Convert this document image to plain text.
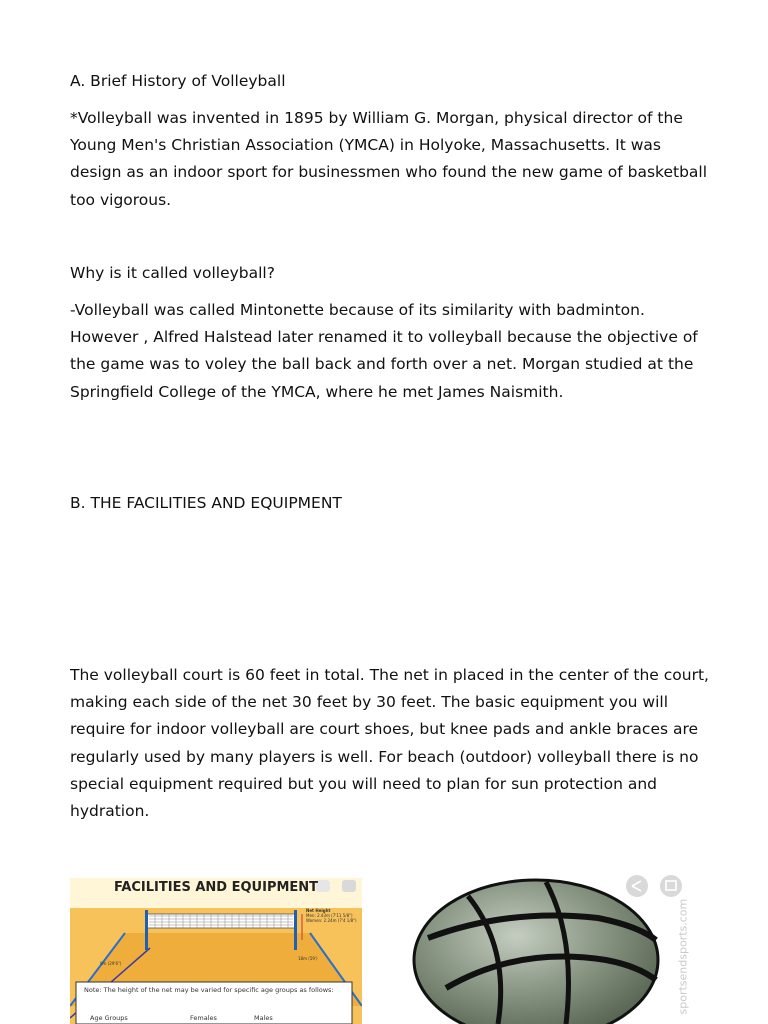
A. Brief History of Volleyball

*Volleyball was invented in 1895 by William G. Morgan, physical director of the Young Men's Christian Association (YMCA) in Holyoke, Massachusetts. It was design as an indoor sport for businessmen who found the new game of basketball too vigorous.

Why is it called volleyball?

-Volleyball was called Mintonette because of its similarity with badminton. However , Alfred Halstead later renamed it to volleyball because the objective of the game was to voley the ball back and forth over a net. Morgan studied at the Springfield College of the YMCA, where he met James Naismith.

B. THE FACILITIES AND EQUIPMENT

The volleyball court is 60 feet in total. The net in placed in the center of the court, making each side of the net 30 feet by 30 feet. The basic equipment you will require for indoor volleyball are court shoes, but knee pads and ankle braces are regularly used by many players is well. For beach (outdoor) volleyball there is no special equipment required but you will need to plan for sun protection and hydration.

FACILITIES AND EQUIPMENT
Net Height
Men: 2.43m (7'11 5/8")
Women: 2.24m (7'4 1/8")
9m (29'6")
18m (59')
Note: The height of the net may be varied for specific age groups as follows:
Age Groups	Females	Males
sportsendsports.com
